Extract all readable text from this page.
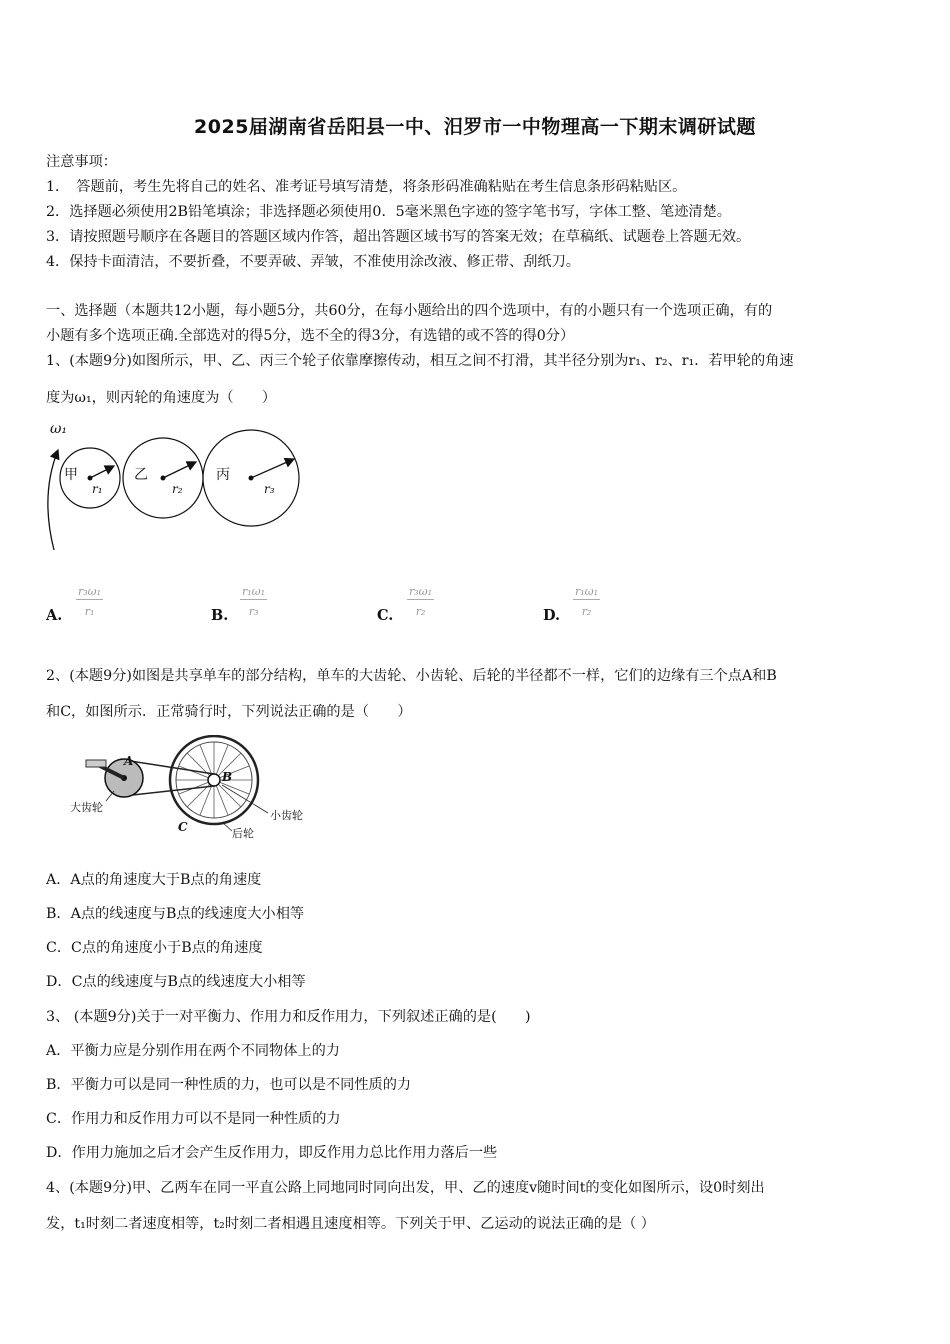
2025届湖南省岳阳县一中、汨罗市一中物理高一下期末调研试题
注意事项：
1．　答题前，考生先将自己的姓名、准考证号填写清楚，将条形码准确粘贴在考生信息条形码粘贴区。
2．选择题必须使用2B铅笔填涂；非选择题必须使用0．5毫米黑色字迹的签字笔书写，字体工整、笔迹清楚。
3．请按照题号顺序在各题目的答题区域内作答，超出答题区域书写的答案无效；在草稿纸、试题卷上答题无效。
4．保持卡面清洁，不要折叠，不要弄破、弄皱，不准使用涂改液、修正带、刮纸刀。
一、选择题（本题共12小题，每小题5分，共60分，在每小题给出的四个选项中，有的小题只有一个选项正确，有的
小题有多个选项正确.全部选对的得5分，选不全的得3分，有选错的或不答的得0分）
1、(本题9分)如图所示，甲、乙、丙三个轮子依靠摩擦传动，相互之间不打滑，其半径分别为r₁、r₂、r₁．若甲轮的角速
度为ω₁，则丙轮的角速度为（　　）
ω₁
甲	乙	丙
r₁	r₂	r₃
A. $\frac{\text{r₃ω₁}}{\text{r₁}}$	B. $\frac{\text{r₁ω₁}}{\text{r₃}}$	C. $\frac{\text{r₃ω₁}}{\text{r₂}}$	D. $\frac{\text{r₁ω₁}}{\text{r₂}}$
2、(本题9分)如图是共享单车的部分结构，单车的大齿轮、小齿轮、后轮的半径都不一样，它们的边缘有三个点A和B
和C，如图所示．正常骑行时，下列说法正确的是（　　）
A
B
C
大齿轮
小齿轮
后轮
A．A点的角速度大于B点的角速度
B．A点的线速度与B点的线速度大小相等
C．C点的角速度小于B点的角速度
D．C点的线速度与B点的线速度大小相等
3、 (本题9分)关于一对平衡力、作用力和反作用力，下列叙述正确的是(　　)
A．平衡力应是分别作用在两个不同物体上的力
B．平衡力可以是同一种性质的力，也可以是不同性质的力
C．作用力和反作用力可以不是同一种性质的力
D．作用力施加之后才会产生反作用力，即反作用力总比作用力落后一些
4、(本题9分)甲、乙两车在同一平直公路上同地同时同向出发，甲、乙的速度v随时间t的变化如图所示，设0时刻出
发，t₁时刻二者速度相等，t₂时刻二者相遇且速度相等。下列关于甲、乙运动的说法正确的是（ ）
